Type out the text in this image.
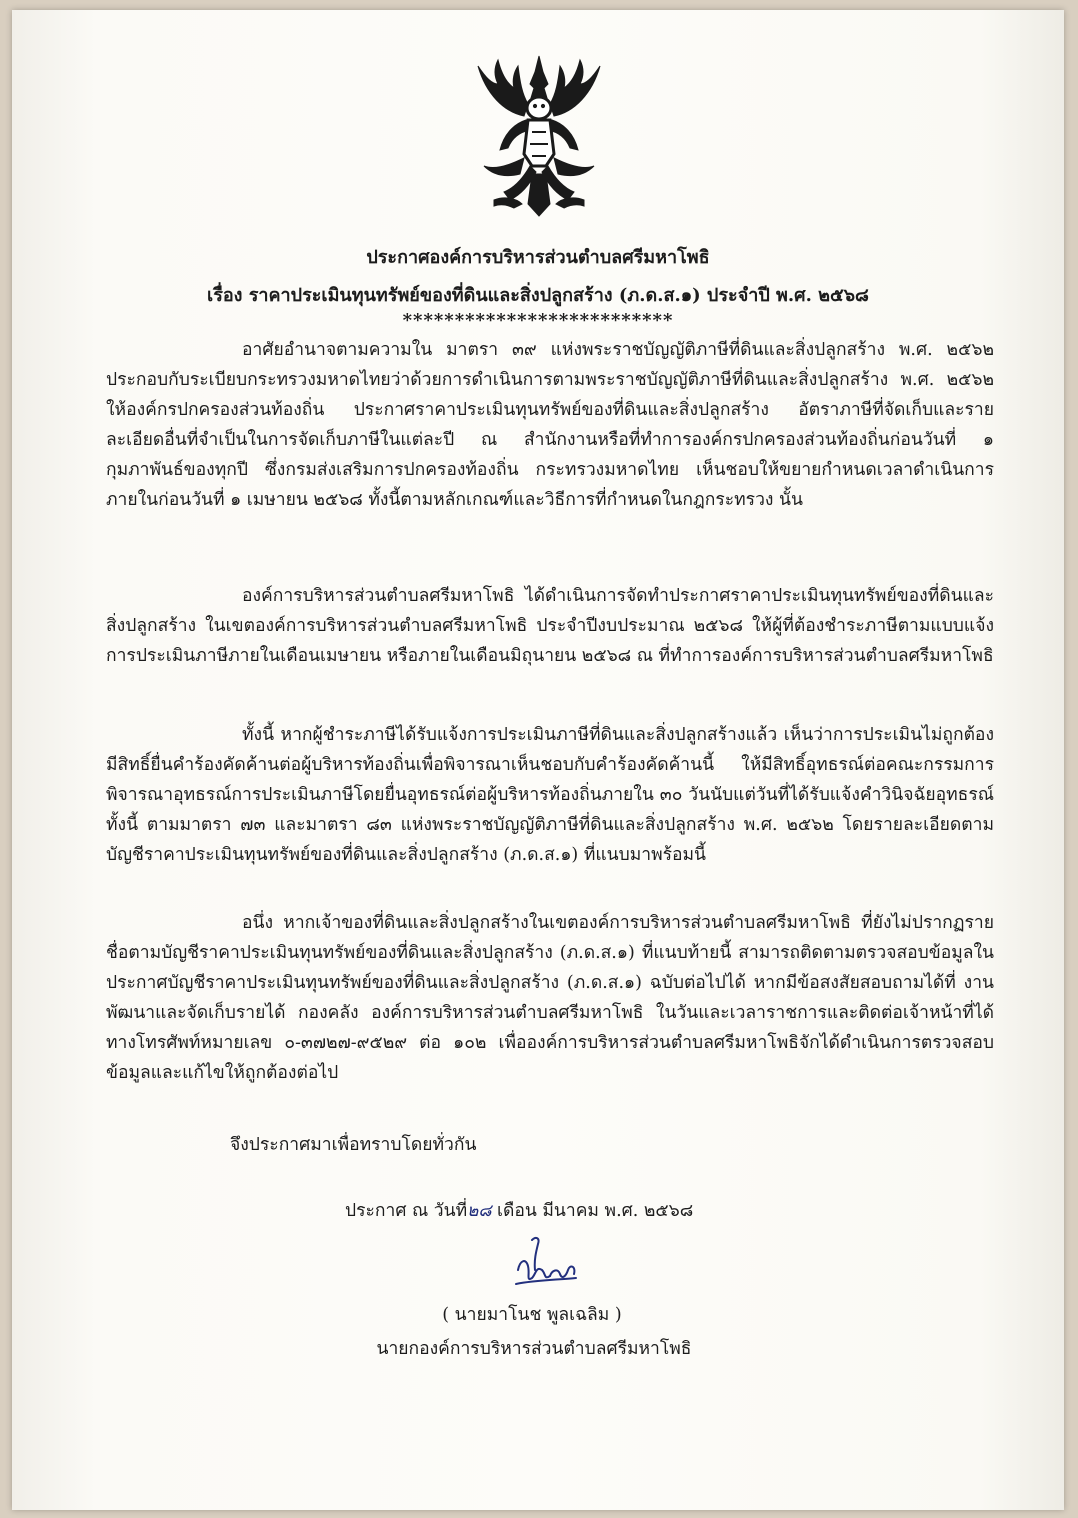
ประกาศองค์การบริหารส่วนตำบลศรีมหาโพธิ
เรื่อง ราคาประเมินทุนทรัพย์ของที่ดินและสิ่งปลูกสร้าง (ภ.ด.ส.๑) ประจำปี พ.ศ. ๒๕๖๘
**************************
อาศัยอำนาจตามความใน มาตรา ๓๙ แห่งพระราชบัญญัติภาษีที่ดินและสิ่งปลูกสร้าง พ.ศ. ๒๕๖๒ ประกอบกับระเบียบกระทรวงมหาดไทยว่าด้วยการดำเนินการตามพระราชบัญญัติภาษีที่ดินและสิ่งปลูกสร้าง พ.ศ. ๒๕๖๒ ให้องค์กรปกครองส่วนท้องถิ่น ประกาศราคาประเมินทุนทรัพย์ของที่ดินและสิ่งปลูกสร้าง อัตราภาษีที่จัดเก็บและรายละเอียดอื่นที่จำเป็นในการจัดเก็บภาษีในแต่ละปี ณ สำนักงานหรือที่ทำการองค์กรปกครองส่วนท้องถิ่นก่อนวันที่ ๑ กุมภาพันธ์ของทุกปี ซึ่งกรมส่งเสริมการปกครองท้องถิ่น กระทรวงมหาดไทย เห็นชอบให้ขยายกำหนดเวลาดำเนินการภายในก่อนวันที่ ๑ เมษายน ๒๕๖๘ ทั้งนี้ตามหลักเกณฑ์และวิธีการที่กำหนดในกฎกระทรวง นั้น
องค์การบริหารส่วนตำบลศรีมหาโพธิ ได้ดำเนินการจัดทำประกาศราคาประเมินทุนทรัพย์ของที่ดินและสิ่งปลูกสร้าง ในเขตองค์การบริหารส่วนตำบลศรีมหาโพธิ ประจำปีงบประมาณ ๒๕๖๘ ให้ผู้ที่ต้องชำระภาษีตามแบบแจ้งการประเมินภาษีภายในเดือนเมษายน หรือภายในเดือนมิถุนายน ๒๕๖๘ ณ ที่ทำการองค์การบริหารส่วนตำบลศรีมหาโพธิ
ทั้งนี้ หากผู้ชำระภาษีได้รับแจ้งการประเมินภาษีที่ดินและสิ่งปลูกสร้างแล้ว เห็นว่าการประเมินไม่ถูกต้อง มีสิทธิ์ยื่นคำร้องคัดค้านต่อผู้บริหารท้องถิ่นเพื่อพิจารณาเห็นชอบกับคำร้องคัดค้านนี้ ให้มีสิทธิ์อุทธรณ์ต่อคณะกรรมการพิจารณาอุทธรณ์การประเมินภาษีโดยยื่นอุทธรณ์ต่อผู้บริหารท้องถิ่นภายใน ๓๐ วันนับแต่วันที่ได้รับแจ้งคำวินิจฉัยอุทธรณ์ ทั้งนี้ ตามมาตรา ๗๓ และมาตรา ๘๓ แห่งพระราชบัญญัติภาษีที่ดินและสิ่งปลูกสร้าง พ.ศ. ๒๕๖๒ โดยรายละเอียดตามบัญชีราคาประเมินทุนทรัพย์ของที่ดินและสิ่งปลูกสร้าง (ภ.ด.ส.๑) ที่แนบมาพร้อมนี้
อนึ่ง หากเจ้าของที่ดินและสิ่งปลูกสร้างในเขตองค์การบริหารส่วนตำบลศรีมหาโพธิ ที่ยังไม่ปรากฏรายชื่อตามบัญชีราคาประเมินทุนทรัพย์ของที่ดินและสิ่งปลูกสร้าง (ภ.ด.ส.๑) ที่แนบท้ายนี้ สามารถติดตามตรวจสอบข้อมูลในประกาศบัญชีราคาประเมินทุนทรัพย์ของที่ดินและสิ่งปลูกสร้าง (ภ.ด.ส.๑) ฉบับต่อไปได้ หากมีข้อสงสัยสอบถามได้ที่ งานพัฒนาและจัดเก็บรายได้ กองคลัง องค์การบริหารส่วนตำบลศรีมหาโพธิ ในวันและเวลาราชการและติดต่อเจ้าหน้าที่ได้ทางโทรศัพท์หมายเลข ๐-๓๗๒๗-๙๕๒๙ ต่อ ๑๐๒ เพื่อองค์การบริหารส่วนตำบลศรีมหาโพธิจักได้ดำเนินการตรวจสอบข้อมูลและแก้ไขให้ถูกต้องต่อไป
จึงประกาศมาเพื่อทราบโดยทั่วกัน
ประกาศ ณ วันที่๒๘ เดือน มีนาคม พ.ศ. ๒๕๖๘
( นายมาโนช พูลเฉลิม )
นายกองค์การบริหารส่วนตำบลศรีมหาโพธิ
